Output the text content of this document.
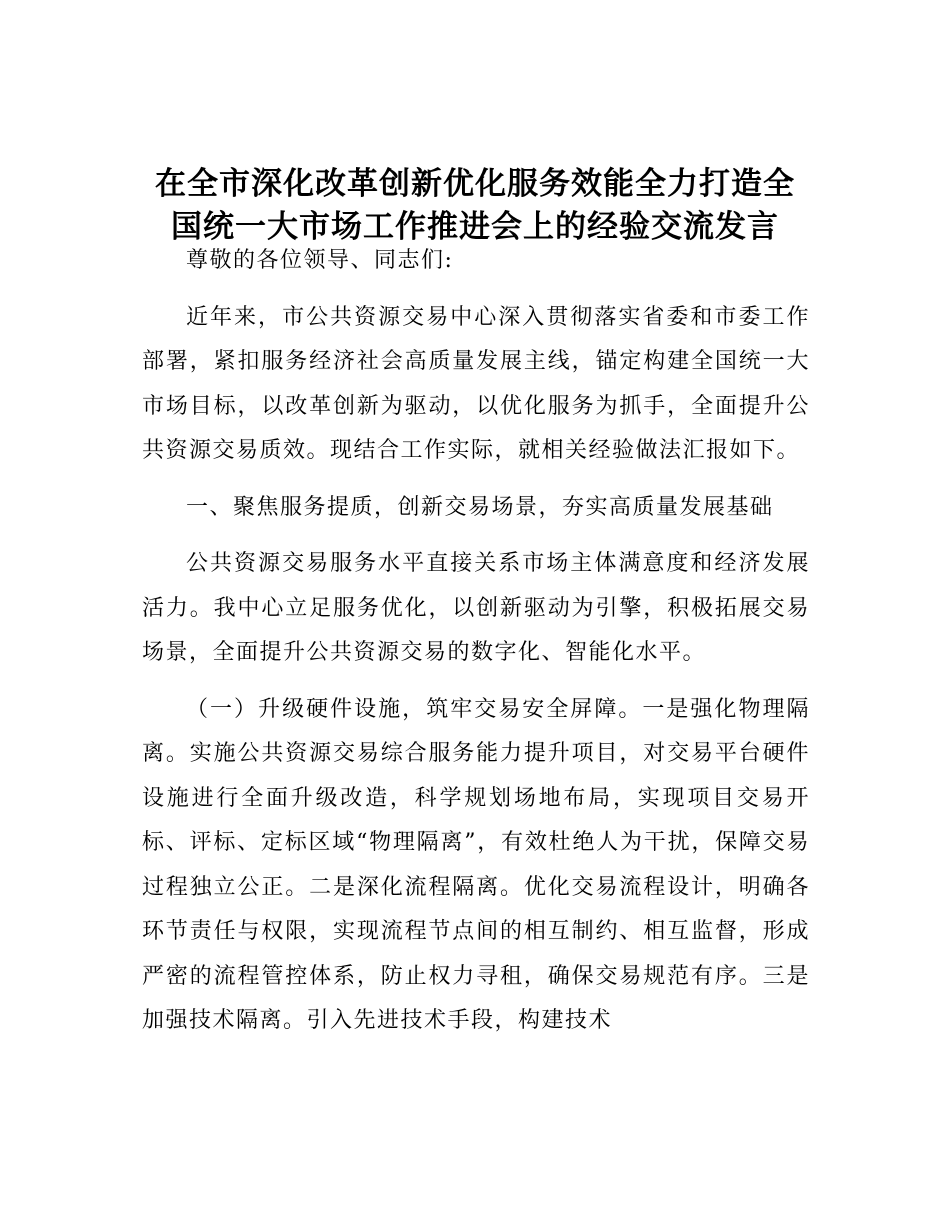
在全市深化改革创新优化服务效能全力打造全
国统一大市场工作推进会上的经验交流发言

尊敬的各位领导、同志们:

近年来，市公共资源交易中心深入贯彻落实省委和市委工作部署，紧扣服务经济社会高质量发展主线，锚定构建全国统一大市场目标，以改革创新为驱动，以优化服务为抓手，全面提升公共资源交易质效。现结合工作实际，就相关经验做法汇报如下。

一、聚焦服务提质，创新交易场景，夯实高质量发展基础

公共资源交易服务水平直接关系市场主体满意度和经济发展活力。我中心立足服务优化，以创新驱动为引擎，积极拓展交易场景，全面提升公共资源交易的数字化、智能化水平。

（一）升级硬件设施，筑牢交易安全屏障。一是强化物理隔离。实施公共资源交易综合服务能力提升项目，对交易平台硬件设施进行全面升级改造，科学规划场地布局，实现项目交易开标、评标、定标区域“物理隔离”，有效杜绝人为干扰，保障交易过程独立公正。二是深化流程隔离。优化交易流程设计，明确各环节责任与权限，实现流程节点间的相互制约、相互监督，形成严密的流程管控体系，防止权力寻租，确保交易规范有序。三是加强技术隔离。引入先进技术手段，构建技术
